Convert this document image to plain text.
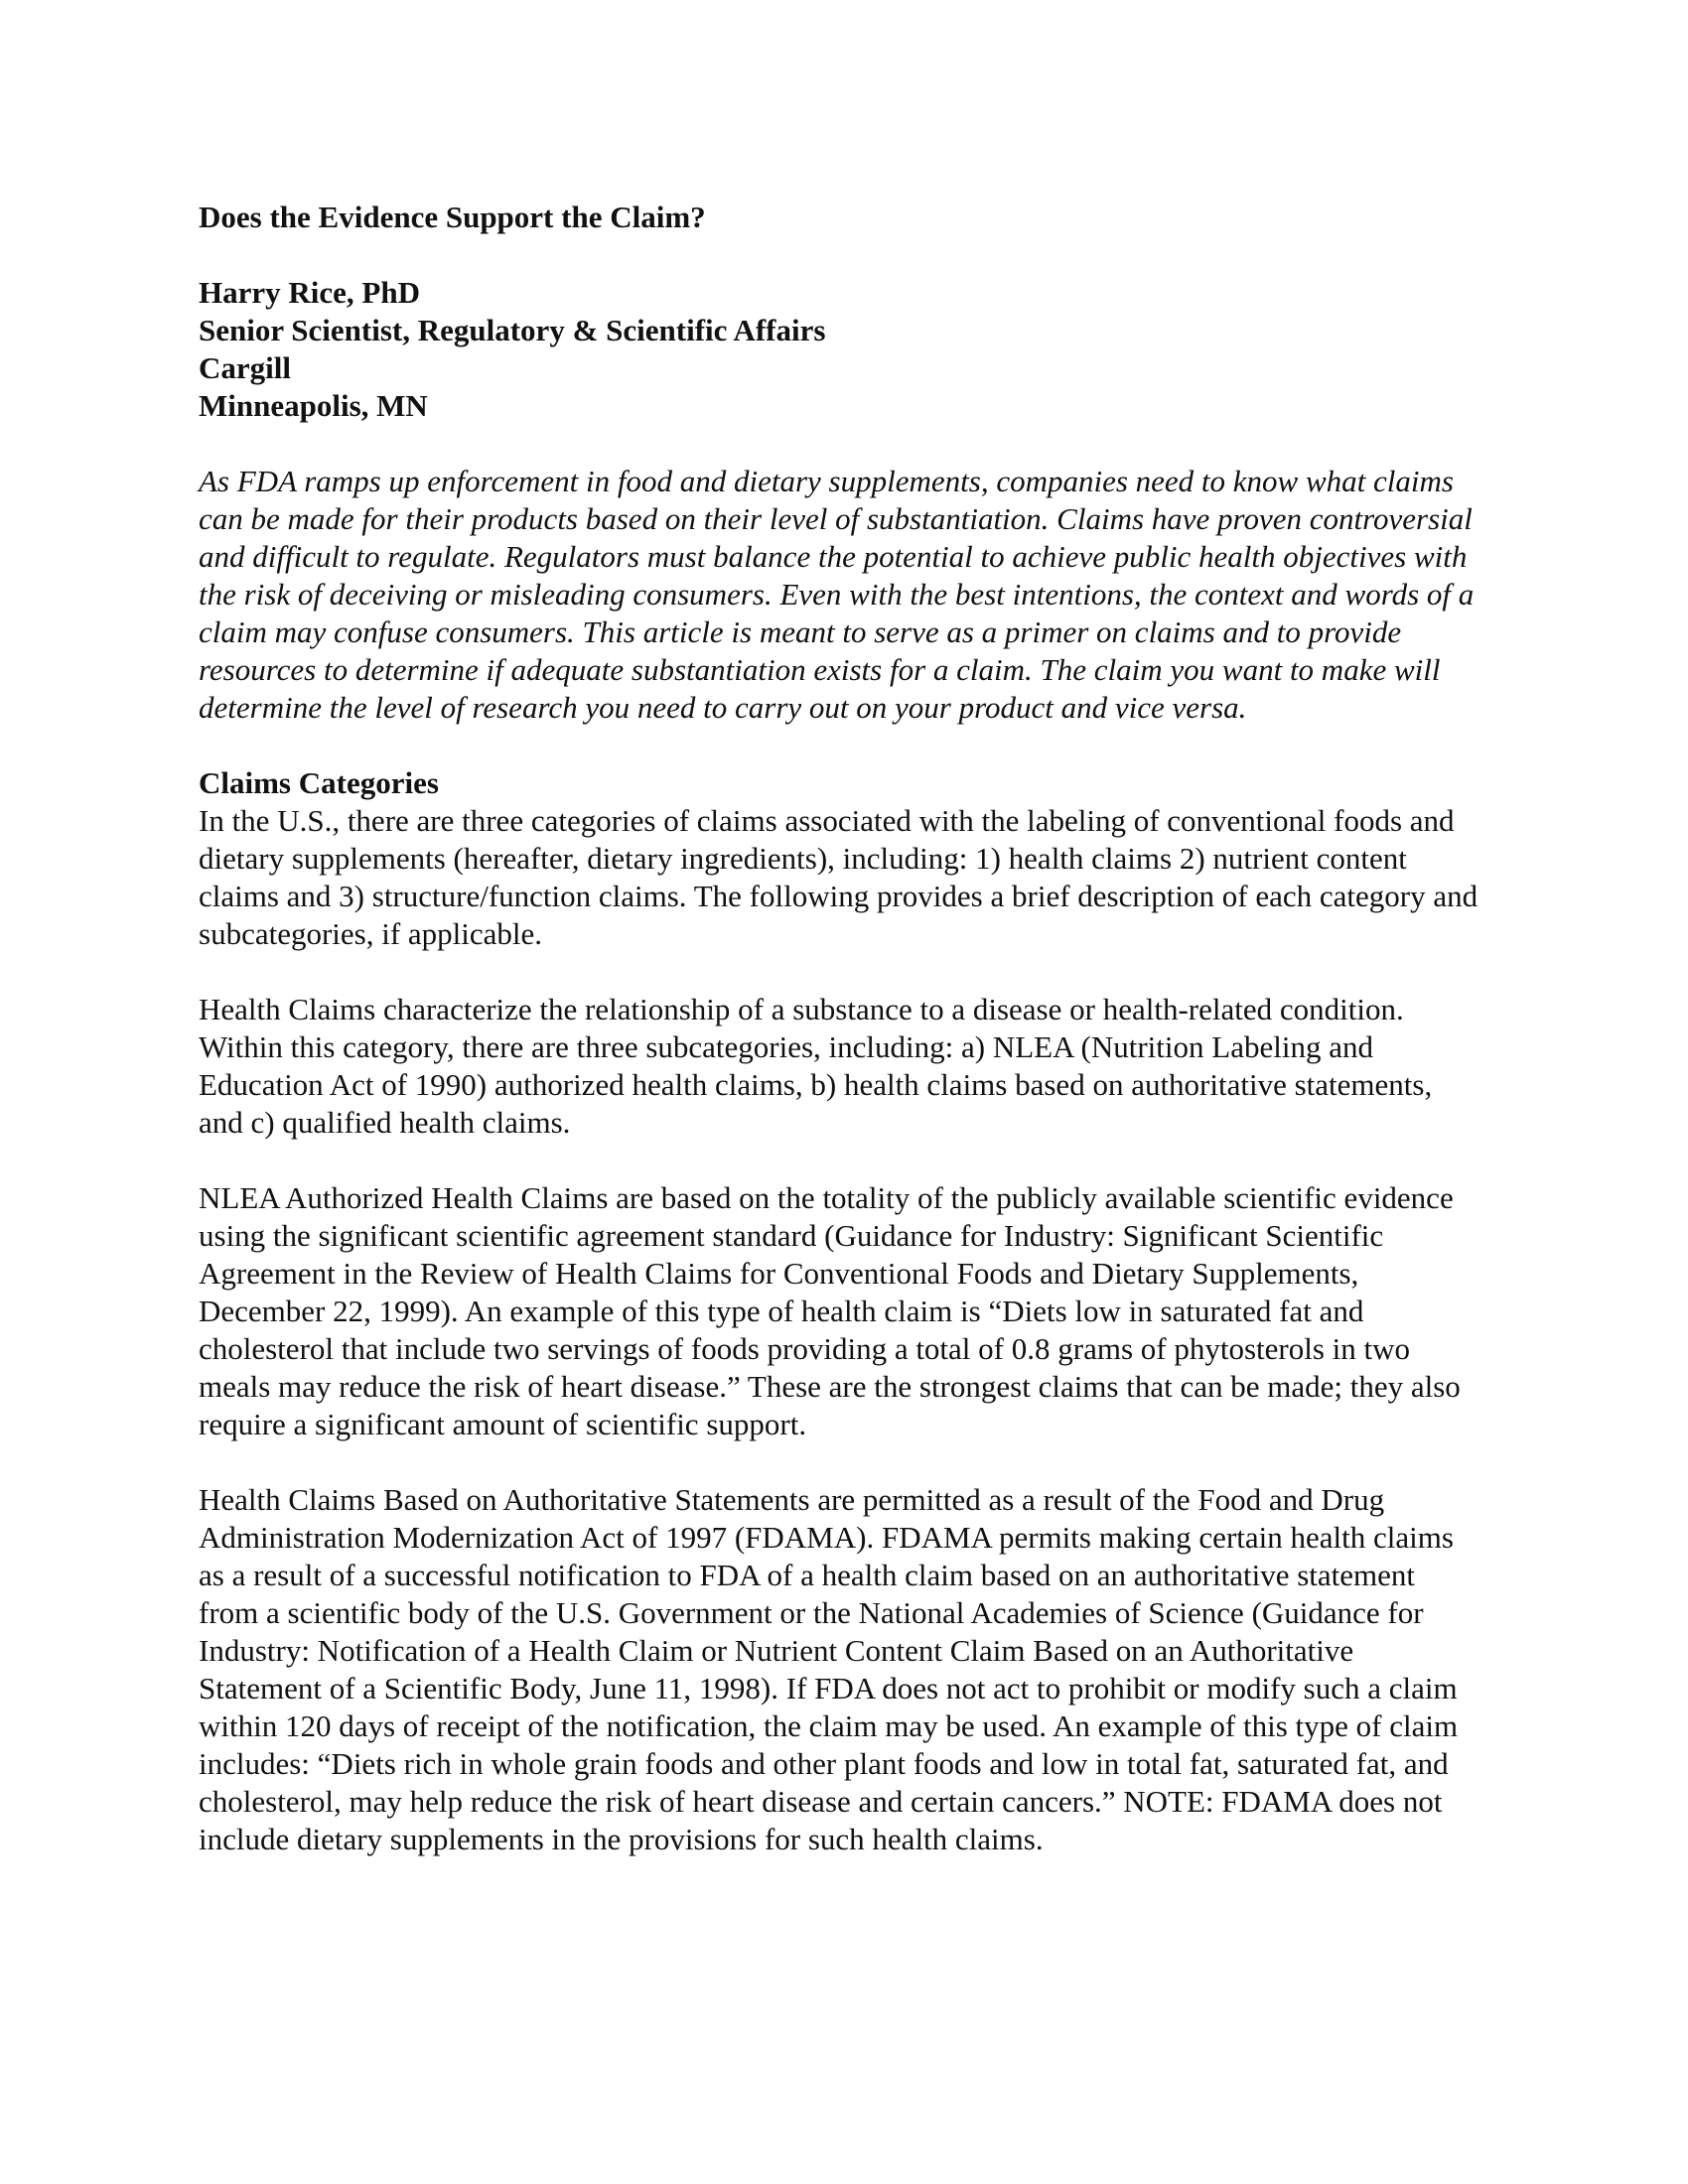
Does the Evidence Support the Claim?
Harry Rice, PhD
Senior Scientist, Regulatory & Scientific Affairs
Cargill
Minneapolis, MN
As FDA ramps up enforcement in food and dietary supplements, companies need to know what claims can be made for their products based on their level of substantiation. Claims have proven controversial and difficult to regulate. Regulators must balance the potential to achieve public health objectives with the risk of deceiving or misleading consumers. Even with the best intentions, the context and words of a claim may confuse consumers. This article is meant to serve as a primer on claims and to provide resources to determine if adequate substantiation exists for a claim. The claim you want to make will determine the level of research you need to carry out on your product and vice versa.
Claims Categories
In the U.S., there are three categories of claims associated with the labeling of conventional foods and dietary supplements (hereafter, dietary ingredients), including: 1) health claims 2) nutrient content claims and 3) structure/function claims. The following provides a brief description of each category and subcategories, if applicable.
Health Claims characterize the relationship of a substance to a disease or health-related condition. Within this category, there are three subcategories, including: a) NLEA (Nutrition Labeling and Education Act of 1990) authorized health claims, b) health claims based on authoritative statements, and c) qualified health claims.
NLEA Authorized Health Claims are based on the totality of the publicly available scientific evidence using the significant scientific agreement standard (Guidance for Industry: Significant Scientific Agreement in the Review of Health Claims for Conventional Foods and Dietary Supplements, December 22, 1999). An example of this type of health claim is “Diets low in saturated fat and cholesterol that include two servings of foods providing a total of 0.8 grams of phytosterols in two meals may reduce the risk of heart disease.” These are the strongest claims that can be made; they also require a significant amount of scientific support.
Health Claims Based on Authoritative Statements are permitted as a result of the Food and Drug Administration Modernization Act of 1997 (FDAMA). FDAMA permits making certain health claims as a result of a successful notification to FDA of a health claim based on an authoritative statement from a scientific body of the U.S. Government or the National Academies of Science (Guidance for Industry: Notification of a Health Claim or Nutrient Content Claim Based on an Authoritative Statement of a Scientific Body, June 11, 1998). If FDA does not act to prohibit or modify such a claim within 120 days of receipt of the notification, the claim may be used. An example of this type of claim includes: “Diets rich in whole grain foods and other plant foods and low in total fat, saturated fat, and cholesterol, may help reduce the risk of heart disease and certain cancers.” NOTE: FDAMA does not include dietary supplements in the provisions for such health claims.
